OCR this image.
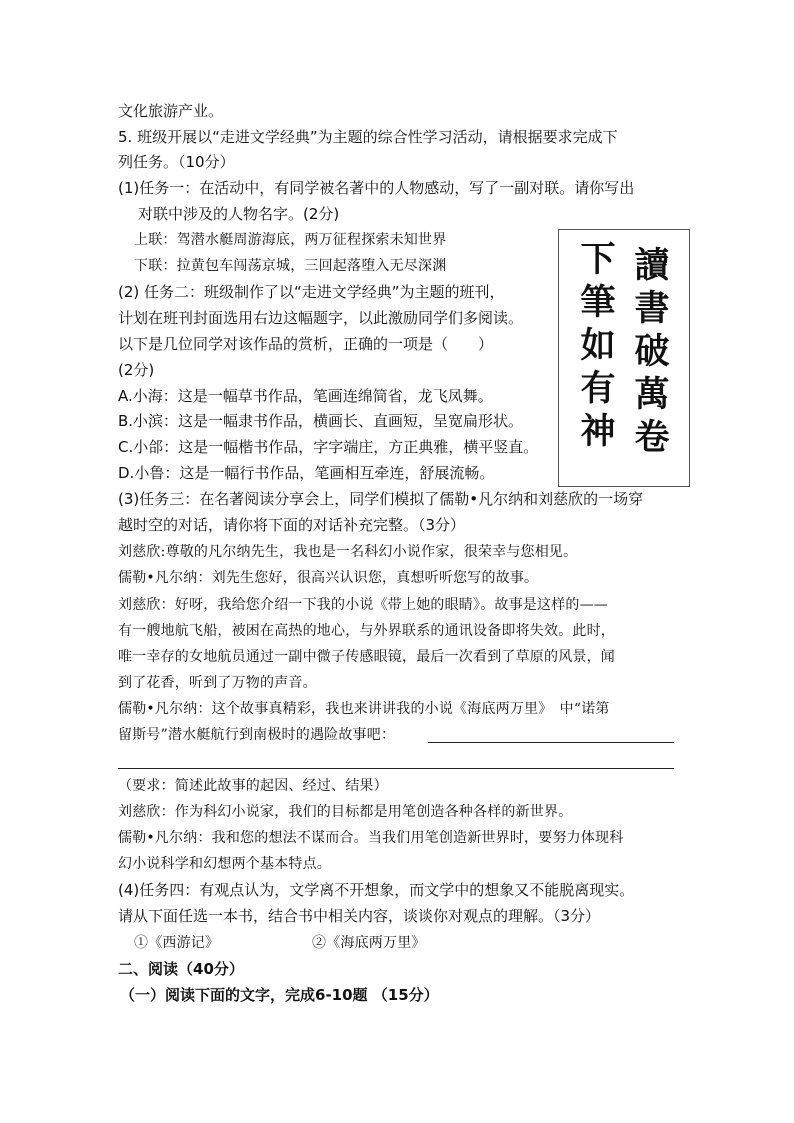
文化旅游产业。
5. 班级开展以“走进文学经典”为主题的综合性学习活动，请根据要求完成下
列任务。（10分）
(1)任务一：在活动中，有同学被名著中的人物感动，写了一副对联。请你写出
对联中涉及的人物名字。(2分)
上联：驾潜水艇周游海底，两万征程探索未知世界
下联：拉黄包车闯荡京城，三回起落堕入无尽深渊
(2) 任务二：班级制作了以“走进文学经典”为主题的班刊，
计划在班刊封面选用右边这幅题字，以此激励同学们多阅读。
以下是几位同学对该作品的赏析，正确的一项是（　　）
(2分)
A.小海：这是一幅草书作品，笔画连绵简省，龙飞凤舞。
B.小滨：这是一幅隶书作品，横画长、直画短，呈宽扁形状。
C.小郃：这是一幅楷书作品，字字端庄，方正典雅，横平竖直。
D.小鲁：这是一幅行书作品，笔画相互牵连，舒展流畅。
讀
書
破
萬
卷
下
筆
如
有
神
(3)任务三：在名著阅读分享会上，同学们模拟了儒勒•凡尔纳和刘慈欣的一场穿
越时空的对话，请你将下面的对话补充完整。（3分）
刘慈欣:尊敬的凡尔纳先生，我也是一名科幻小说作家，很荣幸与您相见。
儒勒•凡尔纳：刘先生您好，很高兴认识您，真想听听您写的故事。
刘慈欣：好呀，我给您介绍一下我的小说《带上她的眼睛》。故事是这样的——
有一艘地航飞船，被困在高热的地心，与外界联系的通讯设备即将失效。此时，
唯一幸存的女地航员通过一副中微子传感眼镜，最后一次看到了草原的风景，闻
到了花香，听到了万物的声音。
儒勒•凡尔纳：这个故事真精彩，我也来讲讲我的小说《海底两万里》　中“诺第
留斯号”潜水艇航行到南极时的遇险故事吧：
（要求：简述此故事的起因、经过、结果）
刘慈欣：作为科幻小说家，我们的目标都是用笔创造各种各样的新世界。
儒勒•凡尔纳：我和您的想法不谋而合。当我们用笔创造新世界时，要努力体现科
幻小说科学和幻想两个基本特点。
(4)任务四：有观点认为，文学离不开想象，而文学中的想象又不能脱离现实。
请从下面任选一本书，结合书中相关内容，谈谈你对观点的理解。（3分）
①《西游记》	②《海底两万里》
二、阅读（40分）
（一）阅读下面的文字，完成6-10题 （15分）
